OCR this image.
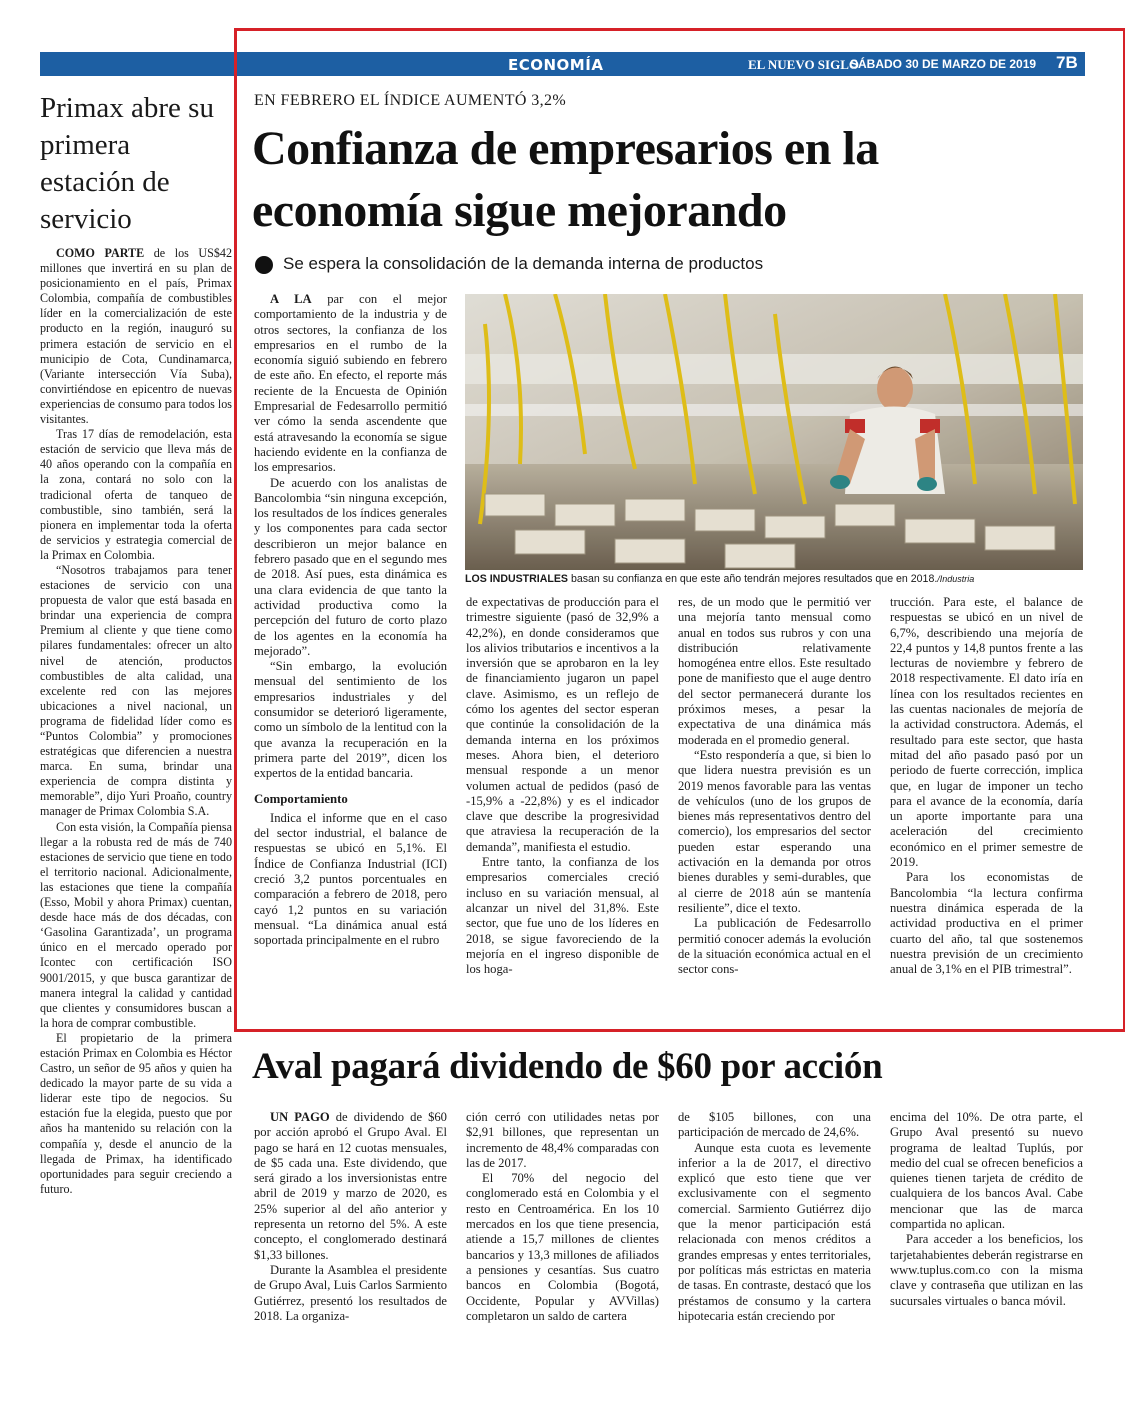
ECONOMÍA	EL NUEVO SIGLO
SÁBADO 30 DE MARZO DE 2019 7B
Primax abre su primera estación de servicio

COMO PARTE de los US$42 millones que invertirá en su plan de posicionamiento en el país, Primax Colombia, compañía de combustibles líder en la comercialización de este producto en la región, inauguró su primera estación de servicio en el municipio de Cota, Cundinamarca, (Variante intersección Vía Suba), convirtiéndose en epicentro de nuevas experiencias de consumo para todos los visitantes.

Tras 17 días de remodelación, esta estación de servicio que lleva más de 40 años operando con la compañía en la zona, contará no solo con la tradicional oferta de tanqueo de combustible, sino también, será la pionera en implementar toda la oferta de servicios y estrategia comercial de la Primax en Colombia.

“Nosotros trabajamos para tener estaciones de servicio con una propuesta de valor que está basada en brindar una experiencia de compra Premium al cliente y que tiene como pilares fundamentales: ofrecer un alto nivel de atención, productos combustibles de alta calidad, una excelente red con las mejores ubicaciones a nivel nacional, un programa de fidelidad líder como es “Puntos Colombia” y promociones estratégicas que diferencien a nuestra marca. En suma, brindar una experiencia de compra distinta y memorable”, dijo Yuri Proaño, country manager de Primax Colombia S.A.

Con esta visión, la Compañía piensa llegar a la robusta red de más de 740 estaciones de servicio que tiene en todo el territorio nacional. Adicionalmente, las estaciones que tiene la compañía (Esso, Mobil y ahora Primax) cuentan, desde hace más de dos décadas, con ‘Gasolina Garantizada’, un programa único en el mercado operado por Icontec con certificación ISO 9001/2015, y que busca garantizar de manera integral la calidad y cantidad que clientes y consumidores buscan a la hora de comprar combustible.

El propietario de la primera estación Primax en Colombia es Héctor Castro, un señor de 95 años y quien ha dedicado la mayor parte de su vida a liderar este tipo de negocios. Su estación fue la elegida, puesto que por años ha mantenido su relación con la compañía y, desde el anuncio de la llegada de Primax, ha identificado oportunidades para seguir creciendo a futuro.

EN FEBRERO EL ÍNDICE AUMENTÓ 3,2%
Confianza de empresarios en la economía sigue mejorando
Se espera la consolidación de la demanda interna de productos
LOS INDUSTRIALES basan su confianza en que este año tendrán mejores resultados que en 2018./Industria

A LA par con el mejor comportamiento de la industria y de otros sectores, la confianza de los empresarios en el rumbo de la economía siguió subiendo en febrero de este año. En efecto, el reporte más reciente de la Encuesta de Opinión Empresarial de Fedesarrollo permitió ver cómo la senda ascendente que está atravesando la economía se sigue haciendo evidente en la confianza de los empresarios.

De acuerdo con los analistas de Bancolombia “sin ninguna excepción, los resultados de los índices generales y los componentes para cada sector describieron un mejor balance en febrero pasado que en el segundo mes de 2018. Así pues, esta dinámica es una clara evidencia de que tanto la actividad productiva como la percepción del futuro de corto plazo de los agentes en la economía ha mejorado”.

“Sin embargo, la evolución mensual del sentimiento de los empresarios industriales y del consumidor se deterioró ligeramente, como un símbolo de la lentitud con la que avanza la recuperación en la primera parte del 2019”, dicen los expertos de la entidad bancaria.

Comportamiento

Indica el informe que en el caso del sector industrial, el balance de respuestas se ubicó en 5,1%. El Índice de Confianza Industrial (ICI) creció 3,2 puntos porcentuales en comparación a febrero de 2018, pero cayó 1,2 puntos en su variación mensual. “La dinámica anual está soportada principalmente en el rubro

de expectativas de producción para el trimestre siguiente (pasó de 32,9% a 42,2%), en donde consideramos que los alivios tributarios e incentivos a la inversión que se aprobaron en la ley de financiamiento jugaron un papel clave. Asimismo, es un reflejo de cómo los agentes del sector esperan que continúe la consolidación de la demanda interna en los próximos meses. Ahora bien, el deterioro mensual responde a un menor volumen actual de pedidos (pasó de -15,9% a -22,8%) y es el indicador clave que describe la progresividad que atraviesa la recuperación de la demanda”, manifiesta el estudio.

Entre tanto, la confianza de los empresarios comerciales creció incluso en su variación mensual, al alcanzar un nivel del 31,8%. Este sector, que fue uno de los líderes en 2018, se sigue favoreciendo de la mejoría en el ingreso disponible de los hoga-

res, de un modo que le permitió ver una mejoría tanto mensual como anual en todos sus rubros y con una distribución relativamente homogénea entre ellos. Este resultado pone de manifiesto que el auge dentro del sector permanecerá durante los próximos meses, a pesar la expectativa de una dinámica más moderada en el promedio general.

“Esto respondería a que, si bien lo que lidera nuestra previsión es un 2019 menos favorable para las ventas de vehículos (uno de los grupos de bienes más representativos dentro del comercio), los empresarios del sector pueden estar esperando una activación en la demanda por otros bienes durables y semi-durables, que al cierre de 2018 aún se mantenía resiliente”, dice el texto.

La publicación de Fedesarrollo permitió conocer además la evolución de la situación económica actual en el sector cons-

trucción. Para este, el balance de respuestas se ubicó en un nivel de 6,7%, describiendo una mejoría de 22,4 puntos y 14,8 puntos frente a las lecturas de noviembre y febrero de 2018 respectivamente. El dato iría en línea con los resultados recientes en las cuentas nacionales de mejoría de la actividad constructora. Además, el resultado para este sector, que hasta mitad del año pasado pasó por un periodo de fuerte corrección, implica que, en lugar de imponer un techo para el avance de la economía, daría un aporte importante para una aceleración del crecimiento económico en el primer semestre de 2019.

Para los economistas de Bancolombia “la lectura confirma nuestra dinámica esperada de la actividad productiva en el primer cuarto del año, tal que sostenemos nuestra previsión de un crecimiento anual de 3,1% en el PIB trimestral”.

Aval pagará dividendo de $60 por acción

UN PAGO de dividendo de $60 por acción aprobó el Grupo Aval. El pago se hará en 12 cuotas mensuales, de $5 cada una. Este dividendo, que será girado a los inversionistas entre abril de 2019 y marzo de 2020, es 25% superior al del año anterior y representa un retorno del 5%. A este concepto, el conglomerado destinará $1,33 billones.

Durante la Asamblea el presidente de Grupo Aval, Luis Carlos Sarmiento Gutiérrez, presentó los resultados de 2018. La organiza-

ción cerró con utilidades netas por $2,91 billones, que representan un incremento de 48,4% comparadas con las de 2017.

El 70% del negocio del conglomerado está en Colombia y el resto en Centroamérica. En los 10 mercados en los que tiene presencia, atiende a 15,7 millones de clientes bancarios y 13,3 millones de afiliados a pensiones y cesantías. Sus cuatro bancos en Colombia (Bogotá, Occidente, Popular y AVVillas) completaron un saldo de cartera

de $105 billones, con una participación de mercado de 24,6%.

Aunque esta cuota es levemente inferior a la de 2017, el directivo explicó que esto tiene que ver exclusivamente con el segmento comercial. Sarmiento Gutiérrez dijo que la menor participación está relacionada con menos créditos a grandes empresas y entes territoriales, por políticas más estrictas en materia de tasas. En contraste, destacó que los préstamos de consumo y la cartera hipotecaria están creciendo por

encima del 10%. De otra parte, el Grupo Aval presentó su nuevo programa de lealtad Tuplús, por medio del cual se ofrecen beneficios a quienes tienen tarjeta de crédito de cualquiera de los bancos Aval. Cabe mencionar que las de marca compartida no aplican.

Para acceder a los beneficios, los tarjetahabientes deberán registrarse en www.tuplus.com.co con la misma clave y contraseña que utilizan en las sucursales virtuales o banca móvil.
